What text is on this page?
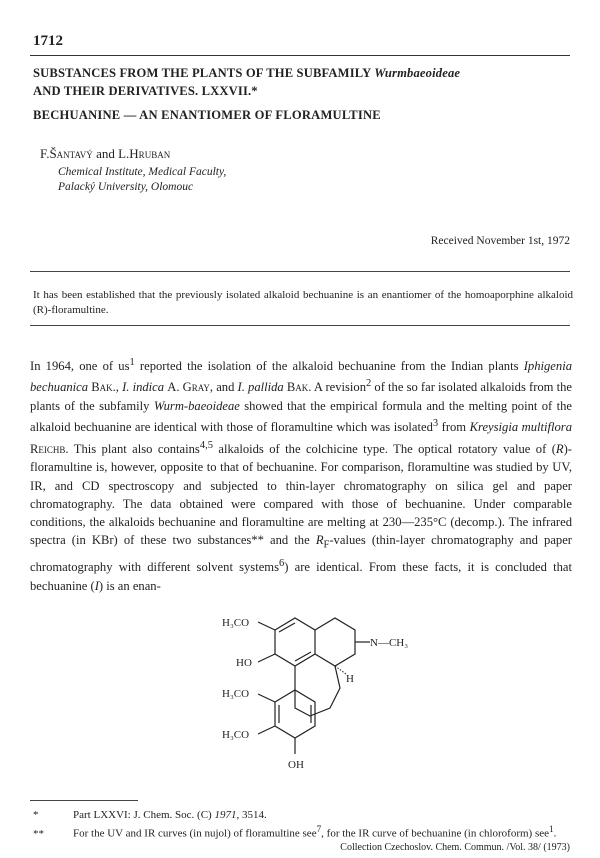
1712
SUBSTANCES FROM THE PLANTS OF THE SUBFAMILY Wurmbaeoideae
AND THEIR DERIVATIVES. LXXVII.*
BECHUANINE — AN ENANTIOMER OF FLORAMULTINE
F.Šantavý and L.Hruban
Chemical Institute, Medical Faculty,
Palacký University, Olomouc
Received November 1st, 1972
It has been established that the previously isolated alkaloid bechuanine is an enantiomer of the homoaporphine alkaloid (R)-floramultine.

In 1964, one of $us^1$ reported the isolation of the alkaloid bechuanine from the Indian plants Iphigenia bechuanica Bak., I. indica A. Gray, and I. pallida Bak. A revision$^2$ of the so far isolated alkaloids from the plants of the subfamily Wurm-baeoideae showed that the empirical formula and the melting point of the alkaloid bechuanine are identical with those of floramultine which was isolated$^3$ from Kreysigia multiflora Reichb. This plant also contains$^{4,5}$ alkaloids of the colchicine type. The optical rotatory value of (R)-floramultine is, however, opposite to that of bechuanine. For comparison, floramultine was studied by UV, IR, and CD spectroscopy and subjected to thin-layer chromatography on silica gel and paper chromatography. The data obtained were compared with those of bechuanine. Under comparable conditions, the alkaloids bechuanine and floramultine are melting at 230—235°C (decomp.). The infrared spectra (in KBr) of these two substances** and the $R_F$-values (thin-layer chromatography and paper chromatography with different solvent systems$^6$) are identical. From these facts, it is concluded that bechuanine (I) is an enan-

H₃CO
HO
N—CH₃
H
H₃CO
H₃CO
OH
*	Part LXXVI: J. Chem. Soc. (C) 1971, 3514.
**	For the UV and IR curves (in nujol) of floramultine see$^7$, for the IR curve of bechuanine (in chloroform) see$^1$.
Collection Czechoslov. Chem. Commun. /Vol. 38/ (1973)
